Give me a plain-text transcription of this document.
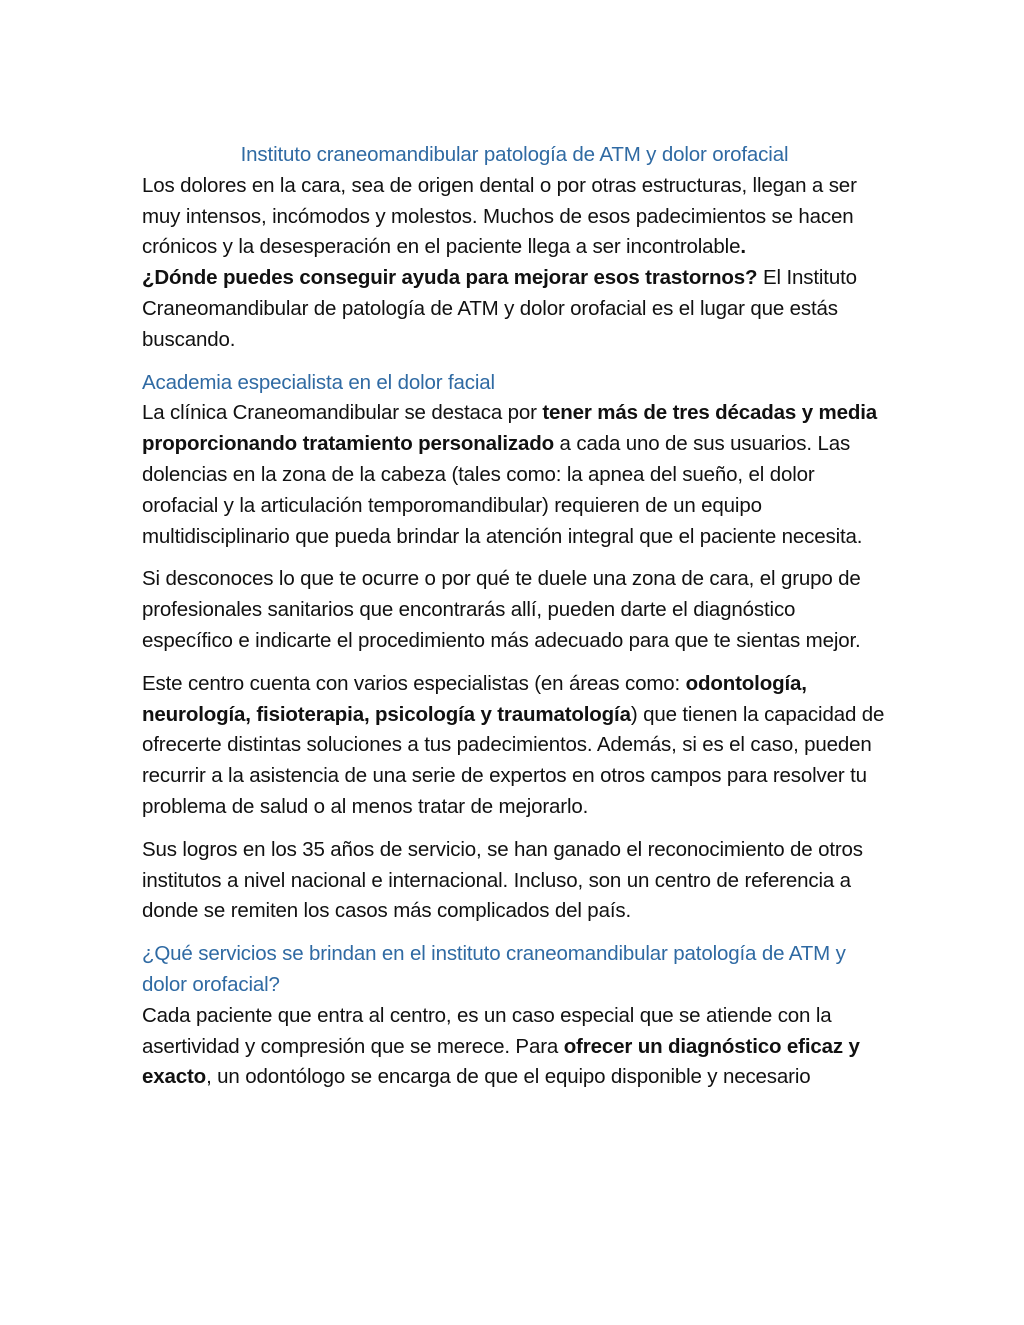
Instituto craneomandibular patología de ATM y dolor orofacial

Los dolores en la cara, sea de origen dental o por otras estructuras, llegan a ser muy intensos, incómodos y molestos. Muchos de esos padecimientos se hacen crónicos y la desesperación en el paciente llega a ser incontrolable.
¿Dónde puedes conseguir ayuda para mejorar esos trastornos? El Instituto Craneomandibular de patología de ATM y dolor orofacial es el lugar que estás buscando.

Academia especialista en el dolor facial

La clínica Craneomandibular se destaca por tener más de tres décadas y media proporcionando tratamiento personalizado a cada uno de sus usuarios. Las dolencias en la zona de la cabeza (tales como: la apnea del sueño, el dolor orofacial y la articulación temporomandibular) requieren de un equipo multidisciplinario que pueda brindar la atención integral que el paciente necesita.

Si desconoces lo que te ocurre o por qué te duele una zona de cara, el grupo de profesionales sanitarios que encontrarás allí, pueden darte el diagnóstico específico e indicarte el procedimiento más adecuado para que te sientas mejor.

Este centro cuenta con varios especialistas (en áreas como: odontología, neurología, fisioterapia, psicología y traumatología) que tienen la capacidad de ofrecerte distintas soluciones a tus padecimientos. Además, si es el caso, pueden recurrir a la asistencia de una serie de expertos en otros campos para resolver tu problema de salud o al menos tratar de mejorarlo.

Sus logros en los 35 años de servicio, se han ganado el reconocimiento de otros institutos a nivel nacional e internacional. Incluso, son un centro de referencia a donde se remiten los casos más complicados del país.

¿Qué servicios se brindan en el instituto craneomandibular patología de ATM y dolor orofacial?

Cada paciente que entra al centro, es un caso especial que se atiende con la asertividad y compresión que se merece. Para ofrecer un diagnóstico eficaz y exacto, un odontólogo se encarga de que el equipo disponible y necesario
